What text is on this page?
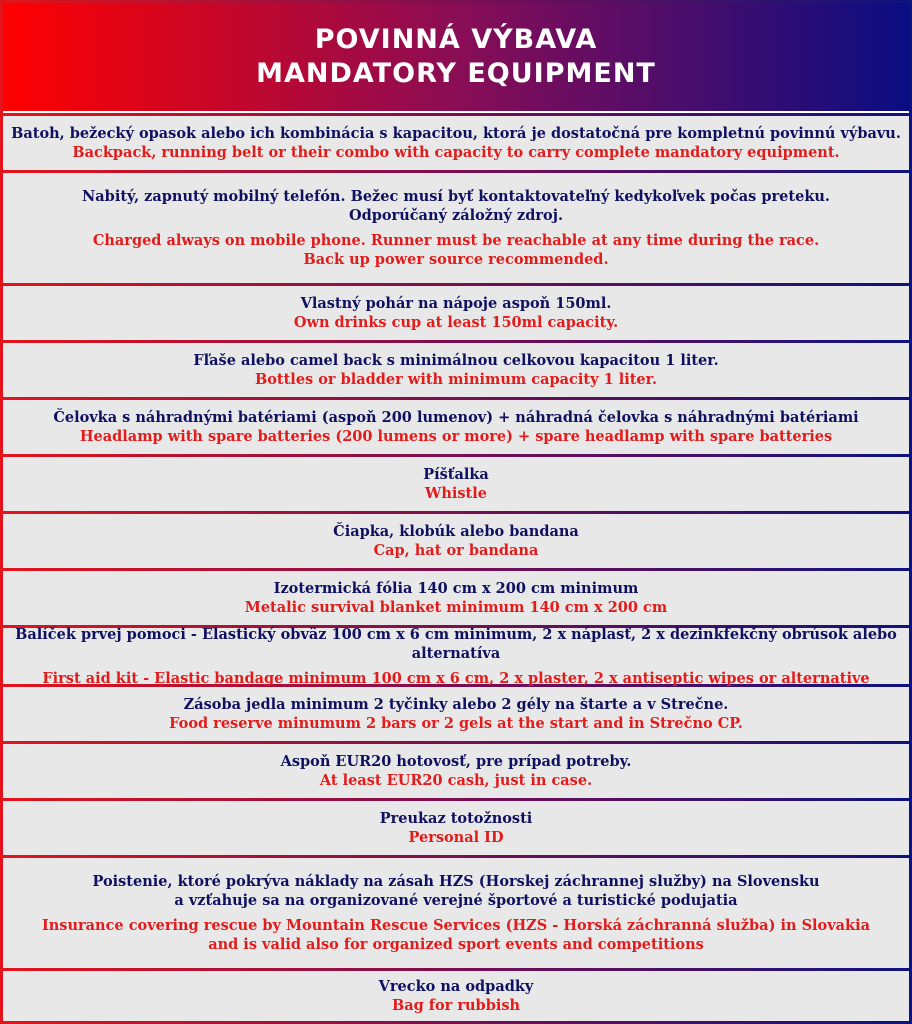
POVINNÁ VÝBAVA
MANDATORY EQUIPMENT
Batoh, bežecký opasok alebo ich kombinácia s kapacitou, ktorá je dostatočná pre kompletnú povinnú výbavu.
Backpack, running belt or their combo with capacity to carry complete mandatory equipment.
Nabitý, zapnutý mobilný telefón. Bežec musí byť kontaktovateľný kedykoľvek počas preteku.
Odporúčaný záložný zdroj.
Charged always on mobile phone. Runner must be reachable at any time during the race.
Back up power source recommended.
Vlastný pohár na nápoje aspoň 150ml.
Own drinks cup at least 150ml capacity.
Fľaše alebo camel back s minimálnou celkovou kapacitou 1 liter.
Bottles or bladder with minimum capacity 1 liter.
Čelovka s náhradnými batériami (aspoň 200 lumenov) + náhradná čelovka s náhradnými batériami
Headlamp with spare batteries (200 lumens or more) + spare headlamp with spare batteries
Píšťalka
Whistle
Čiapka, klobúk alebo bandana
Cap, hat or bandana
Izotermická fólia 140 cm x 200 cm minimum
Metalic survival blanket minimum 140 cm x 200 cm
Balíček prvej pomoci - Elastický obväz 100 cm x 6 cm minimum, 2 x náplasť, 2 x dezinkfekčný obrúsok alebo alternatíva
First aid kit - Elastic bandage minimum 100 cm x 6 cm, 2 x plaster, 2 x antiseptic wipes or alternative
Zásoba jedla minimum 2 tyčinky alebo 2 gély na štarte a v Strečne.
Food reserve minumum 2 bars or 2 gels at the start and in Strečno CP.
Aspoň EUR20 hotovosť, pre prípad potreby.
At least EUR20 cash, just in case.
Preukaz totožnosti
Personal ID
Poistenie, ktoré pokrýva náklady na zásah HZS (Horskej záchrannej služby) na Slovensku
a vzťahuje sa na organizované verejné športové a turistické podujatia
Insurance covering rescue by Mountain Rescue Services (HZS - Horská záchranná služba) in Slovakia
and is valid also for organized sport events and competitions
Vrecko na odpadky
Bag for rubbish
